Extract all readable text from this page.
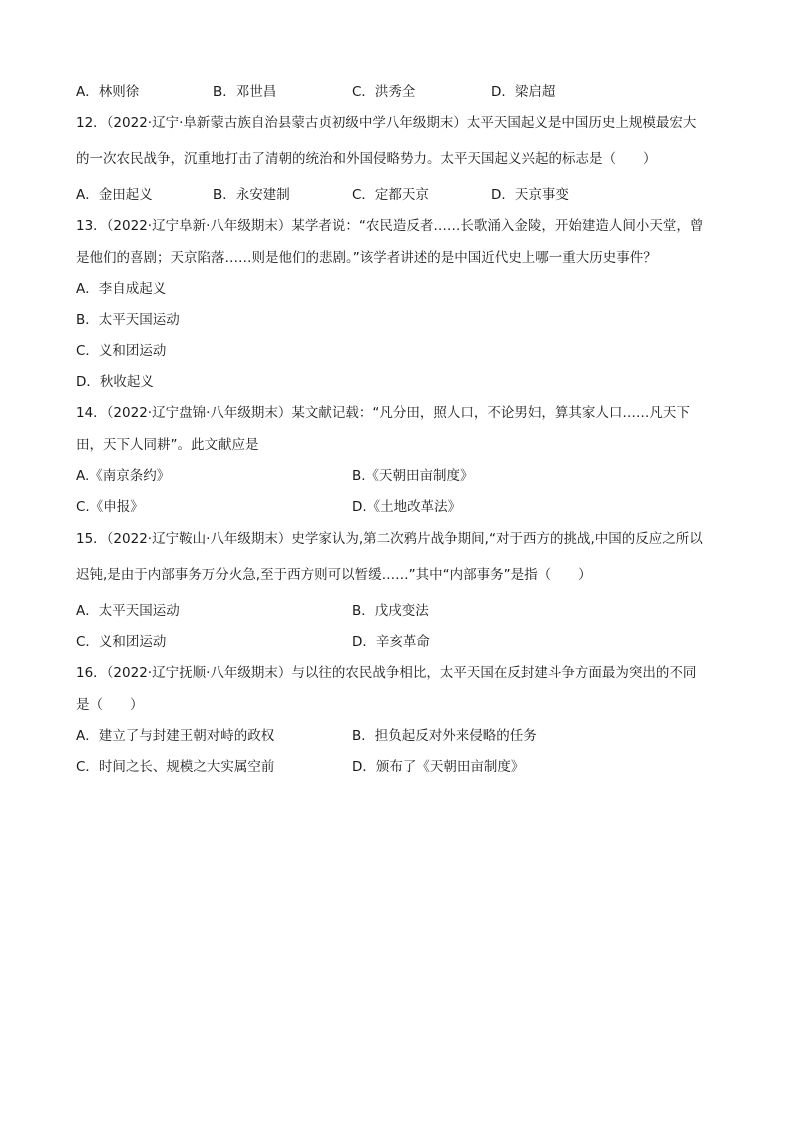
A．林则徐	B．邓世昌	C．洪秀全	D．梁启超
12．（2022·辽宁·阜新蒙古族自治县蒙古贞初级中学八年级期末）太平天国起义是中国历史上规模最宏大
的一次农民战争，沉重地打击了清朝的统治和外国侵略势力。太平天国起义兴起的标志是（　　）
A．金田起义	B．永安建制	C．定都天京	D．天京事变
13．（2022·辽宁阜新·八年级期末）某学者说：“农民造反者……长歌涌入金陵，开始建造人间小天堂，曾
是他们的喜剧；天京陷落……则是他们的悲剧。”该学者讲述的是中国近代史上哪一重大历史事件？
A．李自成起义
B．太平天国运动
C．义和团运动
D．秋收起义
14．（2022·辽宁盘锦·八年级期末）某文献记载：“凡分田，照人口，不论男妇，算其家人口……凡天下
田，天下人同耕”。此文献应是
A.《南京条约》	B.《天朝田亩制度》
C.《申报》	D.《土地改革法》
15．（2022·辽宁鞍山·八年级期末）史学家认为,第二次鸦片战争期间,“对于西方的挑战,中国的反应之所以
迟钝,是由于内部事务万分火急,至于西方则可以暂缓……”其中“内部事务”是指（　　）
A．太平天国运动	B．戊戌变法
C．义和团运动	D．辛亥革命
16．（2022·辽宁抚顺·八年级期末）与以往的农民战争相比，太平天国在反封建斗争方面最为突出的不同
是（　　）
A．建立了与封建王朝对峙的政权	B．担负起反对外来侵略的任务
C．时间之长、规模之大实属空前	D．颁布了《天朝田亩制度》
